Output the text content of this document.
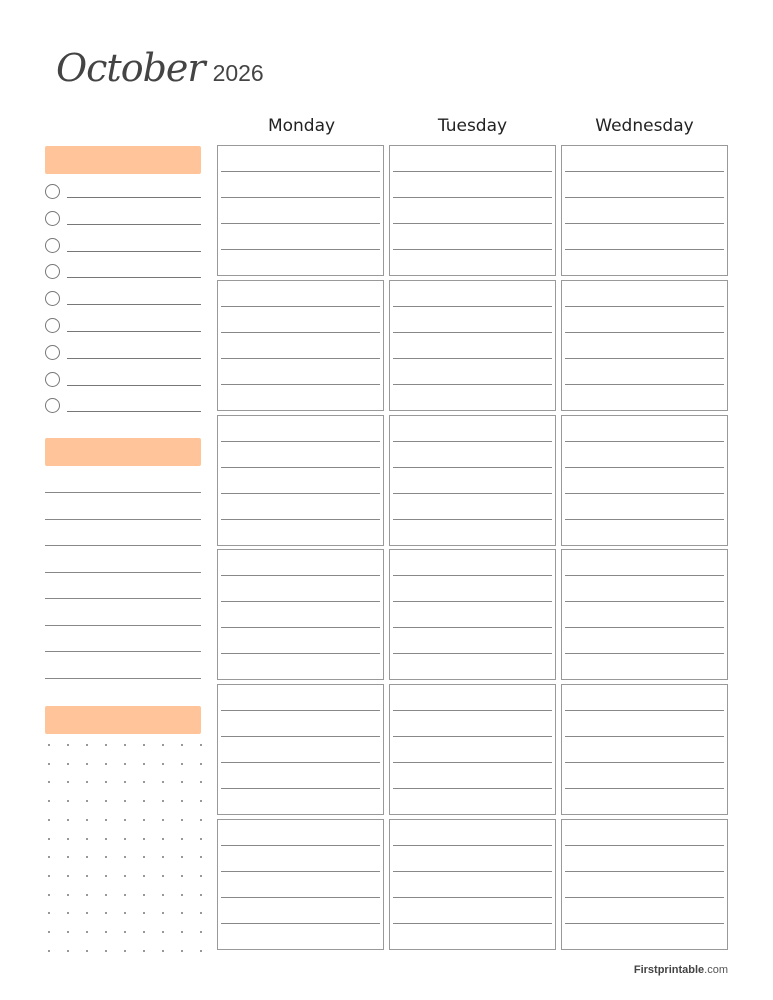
October 2026
Monday	Tuesday	Wednesday
Firstprintable.com
